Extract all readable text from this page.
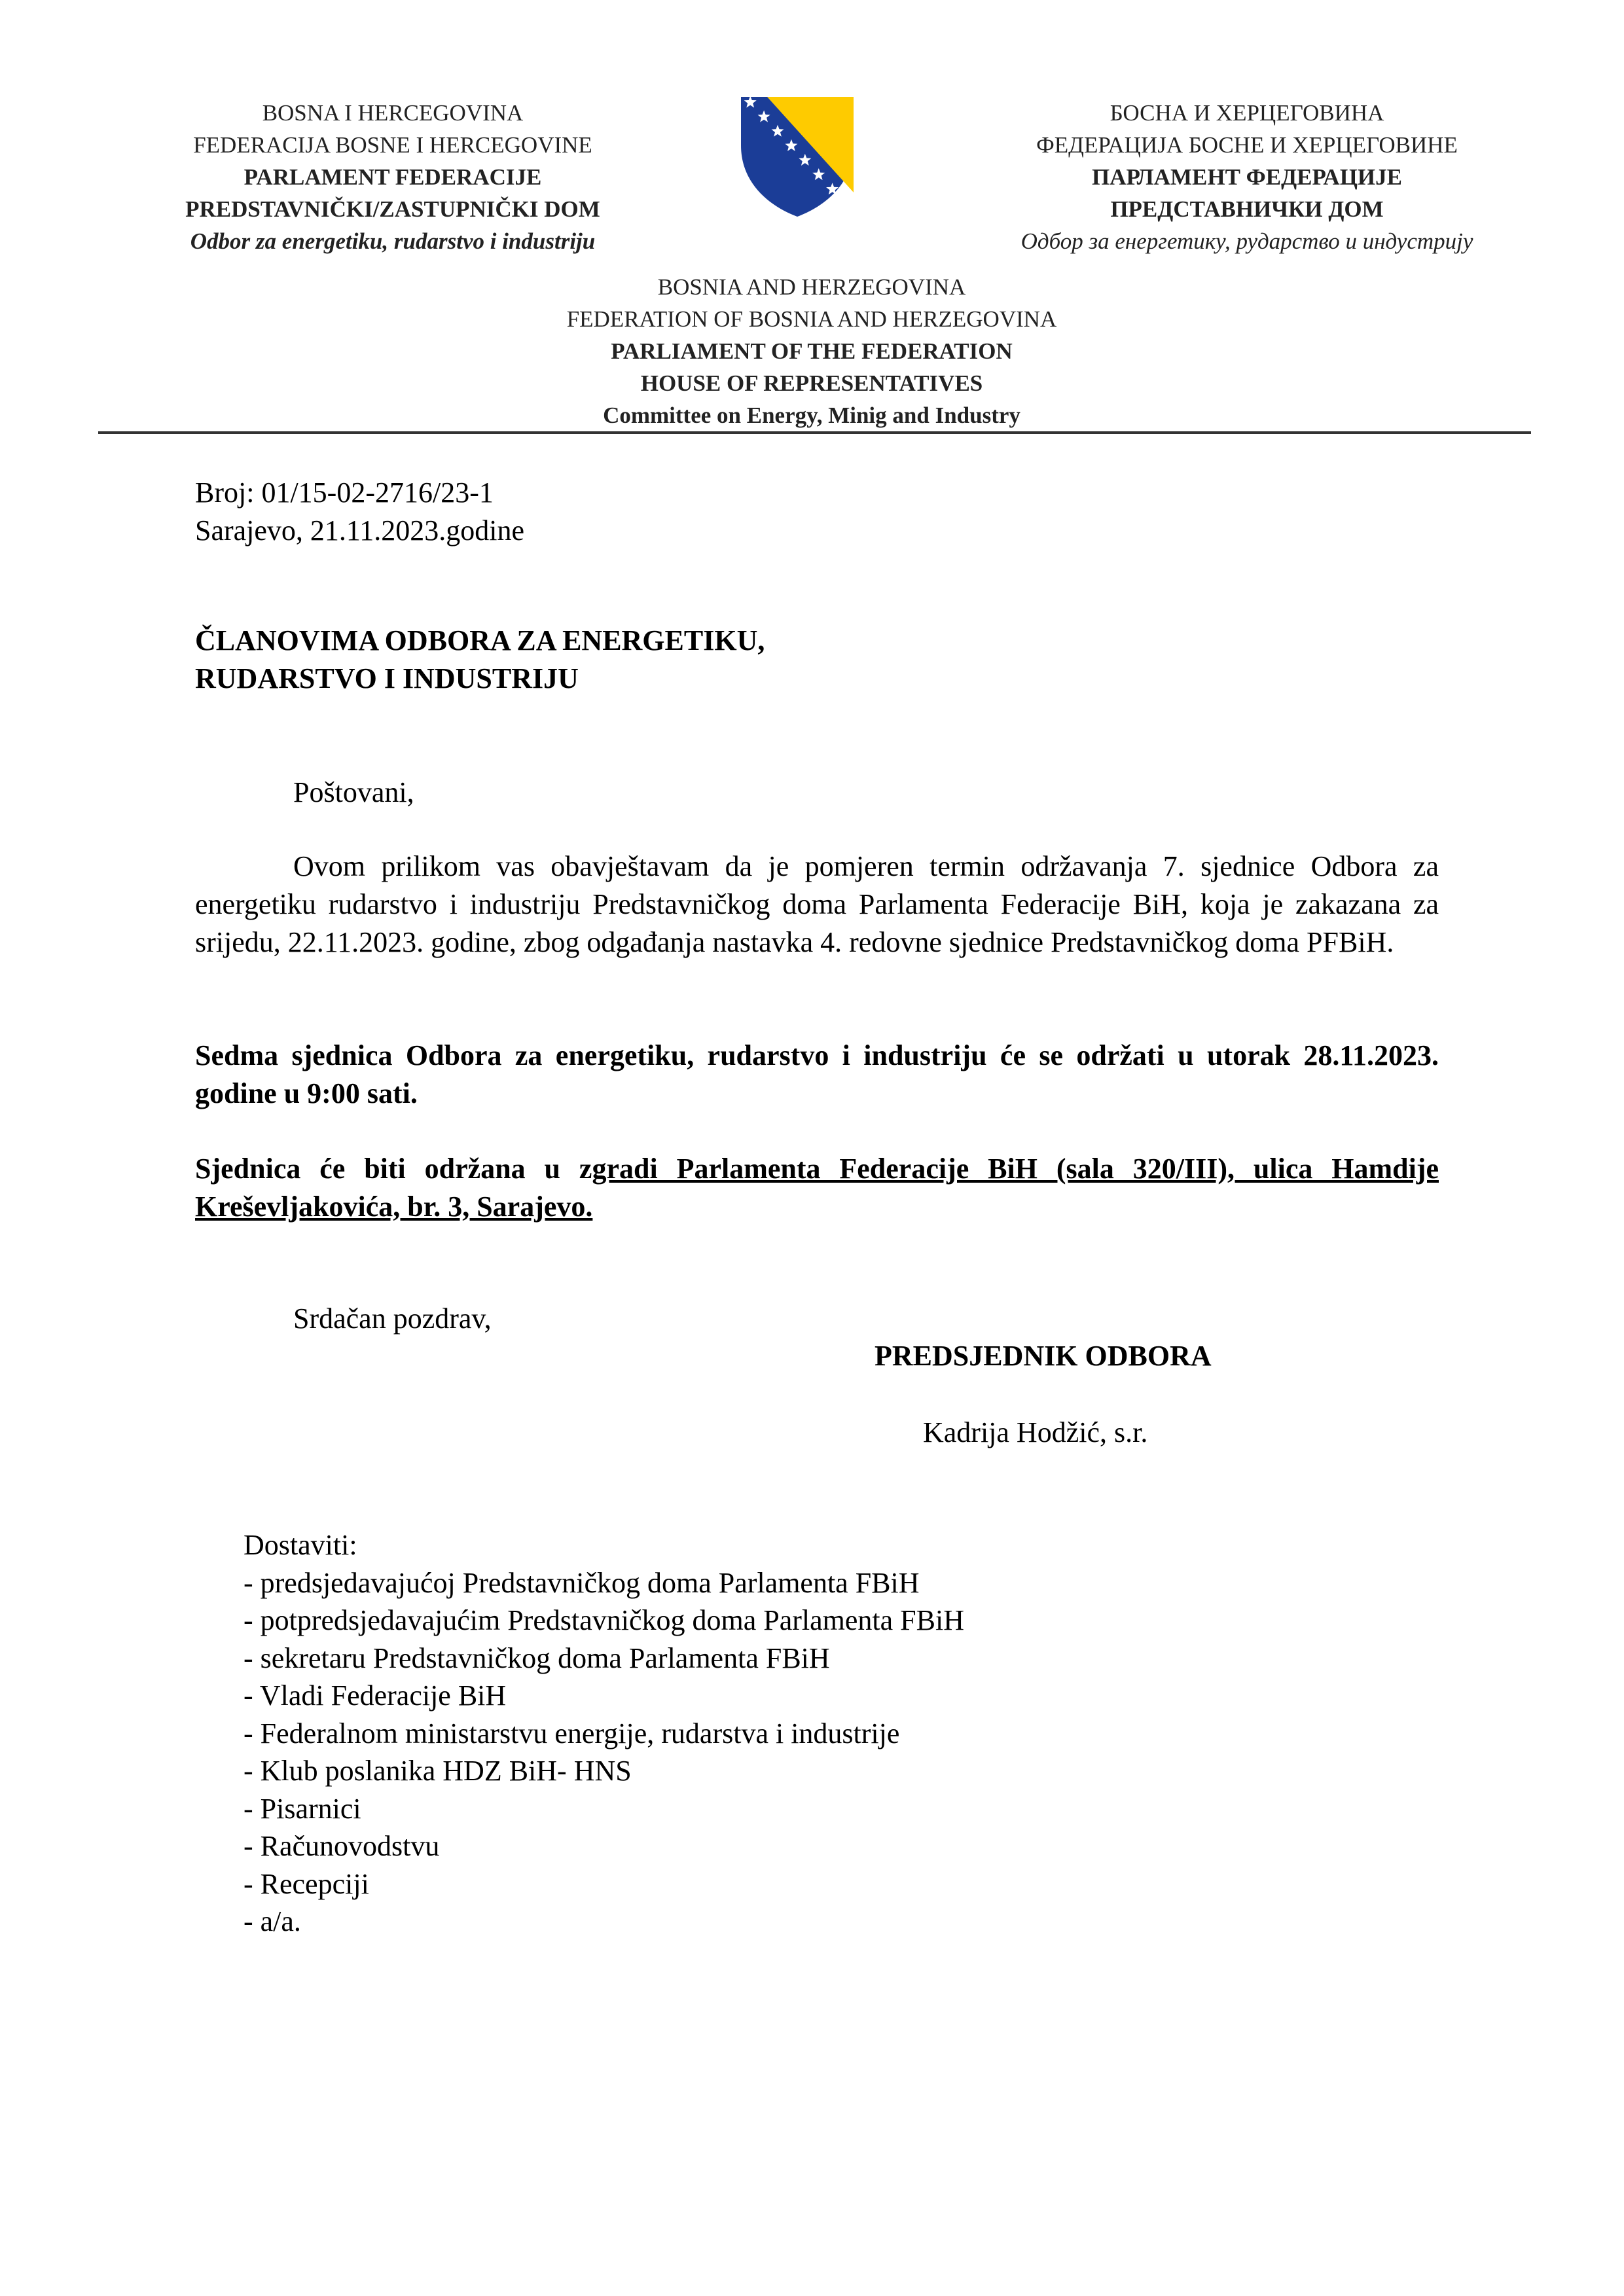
BOSNA I HERCEGOVINA
FEDERACIJA BOSNE I HERCEGOVINE
PARLAMENT FEDERACIJE
PREDSTAVNIČKI/ZASTUPNIČKI DOM
Odbor za energetiku, rudarstvo i industriju
БОСНА И ХЕРЦЕГОВИНА
ФЕДЕРАЦИЈА БОСНЕ И ХЕРЦЕГОВИНЕ
ПАРЛАМЕНТ ФЕДЕРАЦИЈЕ
ПРЕДСТАВНИЧКИ ДОМ
Одбор за енергетику, рударство и индустрију
BOSNIA AND HERZEGOVINA
FEDERATION OF BOSNIA AND HERZEGOVINA
PARLIAMENT OF THE FEDERATION
HOUSE OF REPRESENTATIVES
Committee on Energy, Minig and Industry
Broj: 01/15-02-2716/23-1
Sarajevo, 21.11.2023.godine
ČLANOVIMA ODBORA ZA ENERGETIKU,
RUDARSTVO I INDUSTRIJU
Poštovani,
Ovom prilikom vas obavještavam da je pomjeren termin održavanja 7. sjednice Odbora za energetiku rudarstvo i industriju Predstavničkog doma Parlamenta Federacije BiH, koja je zakazana za srijedu, 22.11.2023. godine, zbog odgađanja nastavka 4. redovne sjednice Predstavničkog doma PFBiH.
Sedma sjednica Odbora za energetiku, rudarstvo i industriju će se održati u utorak 28.11.2023. godine u 9:00 sati.
Sjednica će biti održana u zgradi Parlamenta Federacije BiH (sala 320/III), ulica Hamdije Kreševljakovića, br. 3, Sarajevo.
Srdačan pozdrav,
PREDSJEDNIK ODBORA
Kadrija Hodžić, s.r.
Dostaviti:
- predsjedavajućoj Predstavničkog doma Parlamenta FBiH
- potpredsjedavajućim Predstavničkog doma Parlamenta FBiH
- sekretaru Predstavničkog doma Parlamenta FBiH
- Vladi Federacije BiH
- Federalnom ministarstvu energije, rudarstva i industrije
- Klub poslanika HDZ BiH- HNS
- Pisarnici
- Računovodstvu
- Recepciji
- a/a.
